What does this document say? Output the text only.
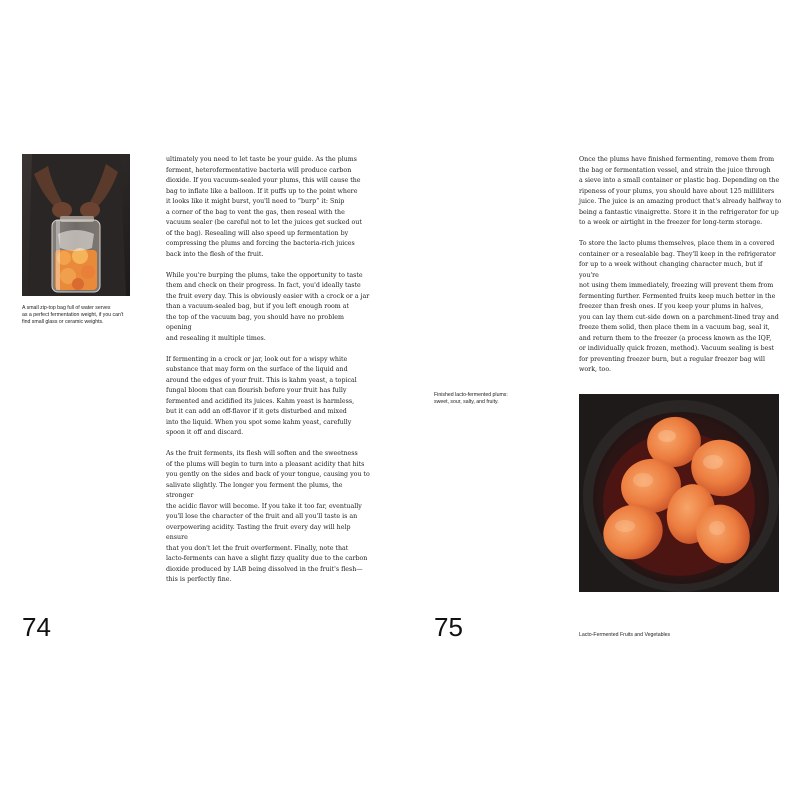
A small zip-top bag full of water serves
as a perfect fermentation weight, if you can't
find small glass or ceramic weights.

ultimately you need to let taste be your guide. As the plums
ferment, heterofermentative bacteria will produce carbon
dioxide. If you vacuum-sealed your plums, this will cause the
bag to inflate like a balloon. If it puffs up to the point where
it looks like it might burst, you'll need to “burp” it: Snip
a corner of the bag to vent the gas, then reseal with the
vacuum sealer (be careful not to let the juices get sucked out
of the bag). Resealing will also speed up fermentation by
compressing the plums and forcing the bacteria-rich juices
back into the flesh of the fruit.

While you're burping the plums, take the opportunity to taste
them and check on their progress. In fact, you'd ideally taste
the fruit every day. This is obviously easier with a crock or a jar
than a vacuum-sealed bag, but if you left enough room at
the top of the vacuum bag, you should have no problem opening
and resealing it multiple times.

If fermenting in a crock or jar, look out for a wispy white
substance that may form on the surface of the liquid and
around the edges of your fruit. This is kahm yeast, a topical
fungal bloom that can flourish before your fruit has fully
fermented and acidified its juices. Kahm yeast is harmless,
but it can add an off-flavor if it gets disturbed and mixed
into the liquid. When you spot some kahm yeast, carefully
spoon it off and discard.

As the fruit ferments, its flesh will soften and the sweetness
of the plums will begin to turn into a pleasant acidity that hits
you gently on the sides and back of your tongue, causing you to
salivate slightly. The longer you ferment the plums, the stronger
the acidic flavor will become. If you take it too far, eventually
you'll lose the character of the fruit and all you'll taste is an
overpowering acidity. Tasting the fruit every day will help ensure
that you don't let the fruit overferment. Finally, note that
lacto-ferments can have a slight fizzy quality due to the carbon
dioxide produced by LAB being dissolved in the fruit's flesh—
this is perfectly fine.

74

Once the plums have finished fermenting, remove them from
the bag or fermentation vessel, and strain the juice through
a sieve into a small container or plastic bag. Depending on the
ripeness of your plums, you should have about 125 milliliters
juice. The juice is an amazing product that's already halfway to
being a fantastic vinaigrette. Store it in the refrigerator for up
to a week or airtight in the freezer for long-term storage.

To store the lacto plums themselves, place them in a covered
container or a resealable bag. They'll keep in the refrigerator
for up to a week without changing character much, but if you're
not using them immediately, freezing will prevent them from
fermenting further. Fermented fruits keep much better in the
freezer than fresh ones. If you keep your plums in halves,
you can lay them cut-side down on a parchment-lined tray and
freeze them solid, then place them in a vacuum bag, seal it,
and return them to the freezer (a process known as the IQF,
or individually quick frozen, method). Vacuum sealing is best
for preventing freezer burn, but a regular freezer bag will
work, too.

Finished lacto-fermented plums:
sweet, sour, salty, and fruity.
75	Lacto-Fermented Fruits and Vegetables
